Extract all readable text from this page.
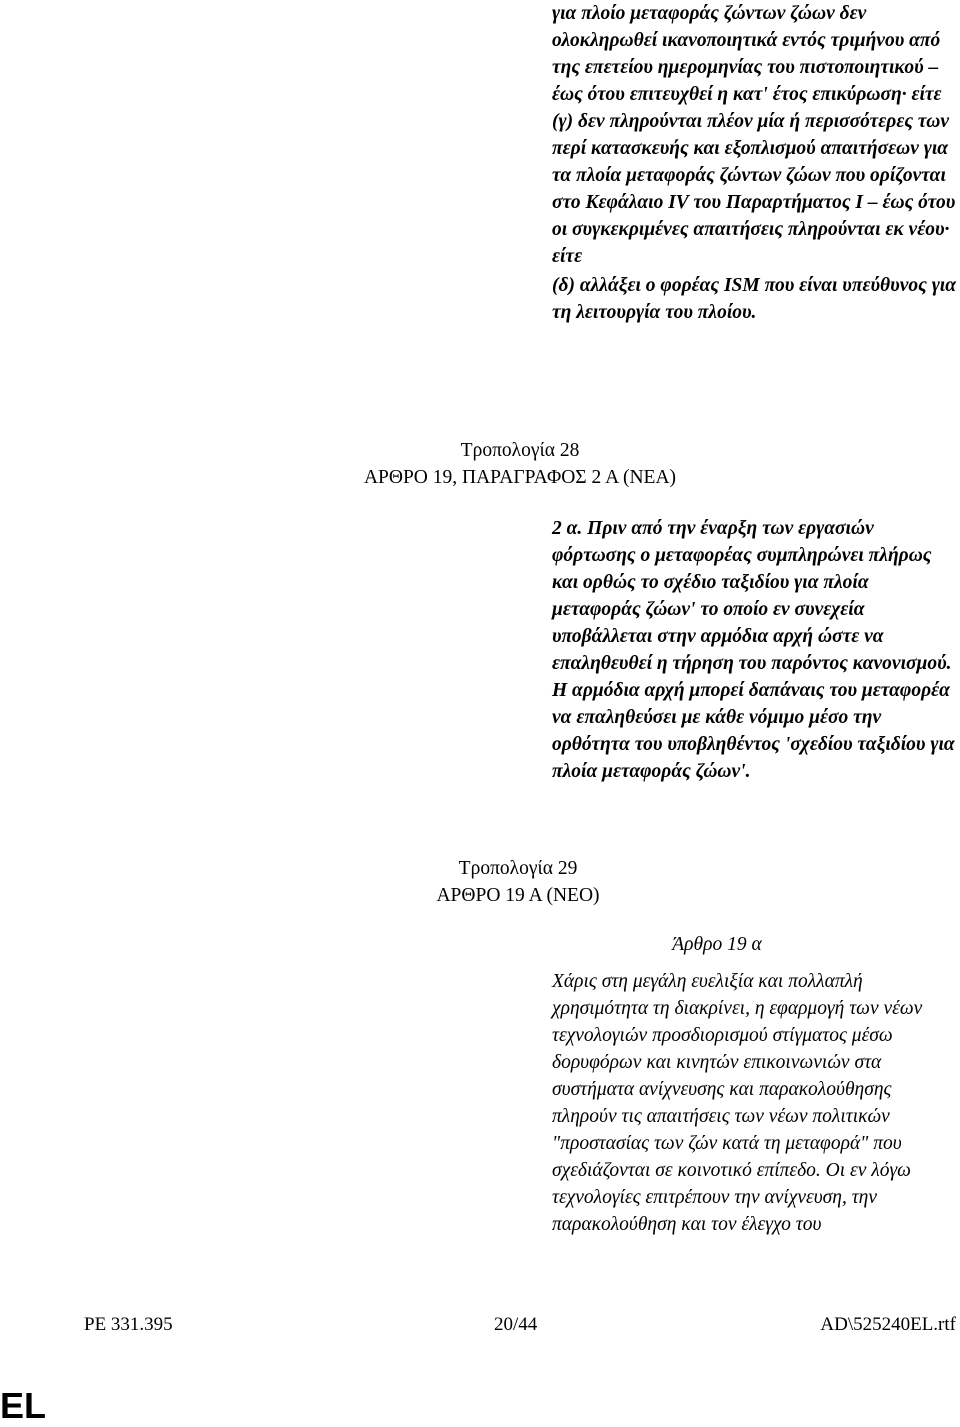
για πλοίο μεταφοράς ζώντων ζώων δεν ολοκληρωθεί ικανοποιητικά εντός τριμήνου από της επετείου ημερομηνίας του πιστοποιητικού – έως ότου επιτευχθεί η κατ' έτος επικύρωση· είτε

(γ) δεν πληρούνται πλέον μία ή περισσότερες των περί κατασκευής και εξοπλισμού απαιτήσεων για τα πλοία μεταφοράς ζώντων ζώων που ορίζονται στο Κεφάλαιο IV του Παραρτήματος Ι – έως ότου οι συγκεκριμένες απαιτήσεις πληρούνται εκ νέου· είτε

(δ) αλλάξει ο φορέας ISM που είναι υπεύθυνος για τη λειτουργία του πλοίου.

Τροπολογία 28
ΑΡΘΡΟ 19, ΠΑΡΑΓΡΑΦΟΣ 2 Α (ΝΕΑ)

2 α. Πριν από την έναρξη των εργασιών φόρτωσης ο μεταφορέας συμπληρώνει πλήρως και ορθώς το σχέδιο ταξιδίου για πλοία μεταφοράς ζώων' το οποίο εν συνεχεία υποβάλλεται στην αρμόδια αρχή ώστε να επαληθευθεί η τήρηση του παρόντος κανονισμού. Η αρμόδια αρχή μπορεί δαπάναις του μεταφορέα να επαληθεύσει με κάθε νόμιμο μέσο την ορθότητα του υποβληθέντος 'σχεδίου ταξιδίου για πλοία μεταφοράς ζώων'.

Τροπολογία 29
ΑΡΘΡΟ 19 Α (ΝΕΟ)
Άρθρο 19 α

Χάρις στη μεγάλη ευελιξία και πολλαπλή χρησιμότητα τη διακρίνει, η εφαρμογή των νέων τεχνολογιών προσδιορισμού στίγματος μέσω δορυφόρων και κινητών επικοινωνιών στα συστήματα ανίχνευσης και παρακολούθησης πληρούν τις απαιτήσεις των νέων πολιτικών "προστασίας των ζών κατά τη μεταφορά" που σχεδιάζονται σε κοινοτικό επίπεδο. Οι εν λόγω τεχνολογίες επιτρέπουν την ανίχνευση, την παρακολούθηση και τον έλεγχο του

PE 331.395	20/44	AD\525240EL.rtf
EL
